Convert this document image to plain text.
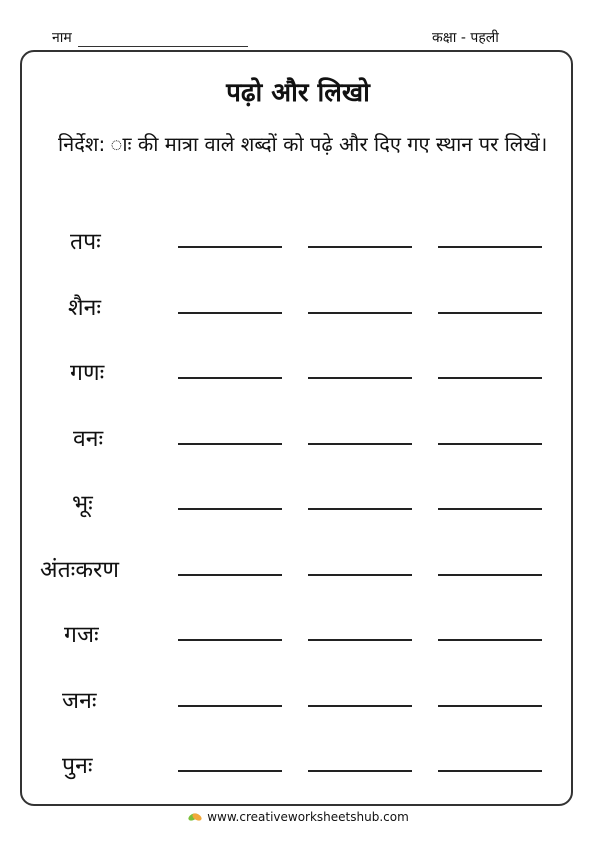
नाम	कक्षा - पहली
पढ़ो और लिखो
निर्देश: ाः की मात्रा वाले शब्दों को पढ़े और दिए गए स्थान पर लिखें।
तपः
शैनः
गणः
वनः
भूः
अंतःकरण
गजः
जनः
पुनः
www.creativeworksheetshub.com
